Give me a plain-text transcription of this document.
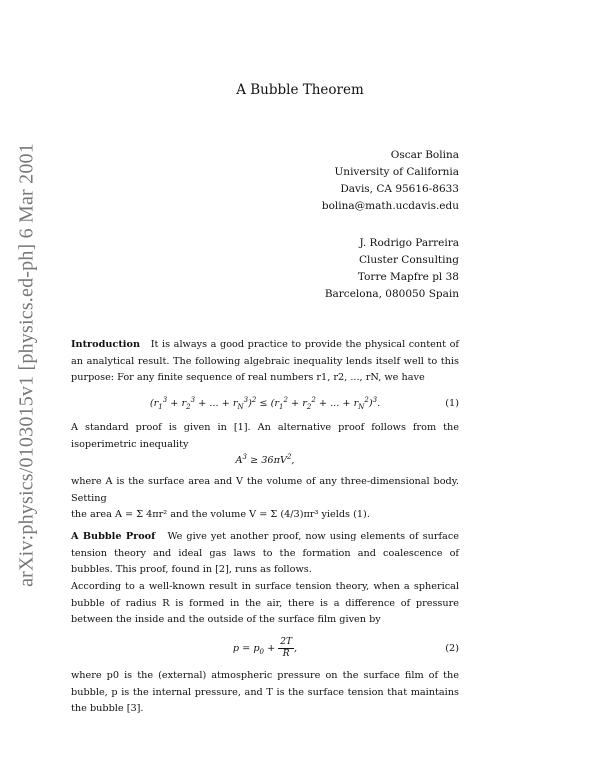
arXiv:physics/0103015v1 [physics.ed-ph] 6 Mar 2001
A Bubble Theorem
Oscar Bolina
University of California
Davis, CA 95616-8633
bolina@math.ucdavis.edu
J. Rodrigo Parreira
Cluster Consulting
Torre Mapfre pl 38
Barcelona, 080050 Spain
Introduction It is always a good practice to provide the physical content of an analytical result. The following algebraic inequality lends itself well to this purpose: For any finite sequence of real numbers r1, r2, ..., rN, we have
($r_1^3 + r_2^3$ + ... + $r_N^3)^2 \le (r_1^2 + r_2^2$ + ... + $r_N^2)^3$.	(1)
A standard proof is given in [1]. An alternative proof follows from the isoperimetric inequality
$A^3 \ge 36\pi V^2$,
where A is the surface area and V the volume of any three-dimensional body. Setting
the area A = Σ 4πr² and the volume V = Σ (4/3)πr³ yields (1).
A Bubble Proof We give yet another proof, now using elements of surface tension theory and ideal gas laws to the formation and coalescence of bubbles. This proof, found in [2], runs as follows.
According to a well-known result in surface tension theory, when a spherical bubble of radius R is formed in the air, there is a difference of pressure between the inside and the outside of the surface film given by
$p = p_0 + \frac{2T}{R}$ ,	(2)
where p0 is the (external) atmospheric pressure on the surface film of the bubble, p is the internal pressure, and T is the surface tension that maintains the bubble [3].
